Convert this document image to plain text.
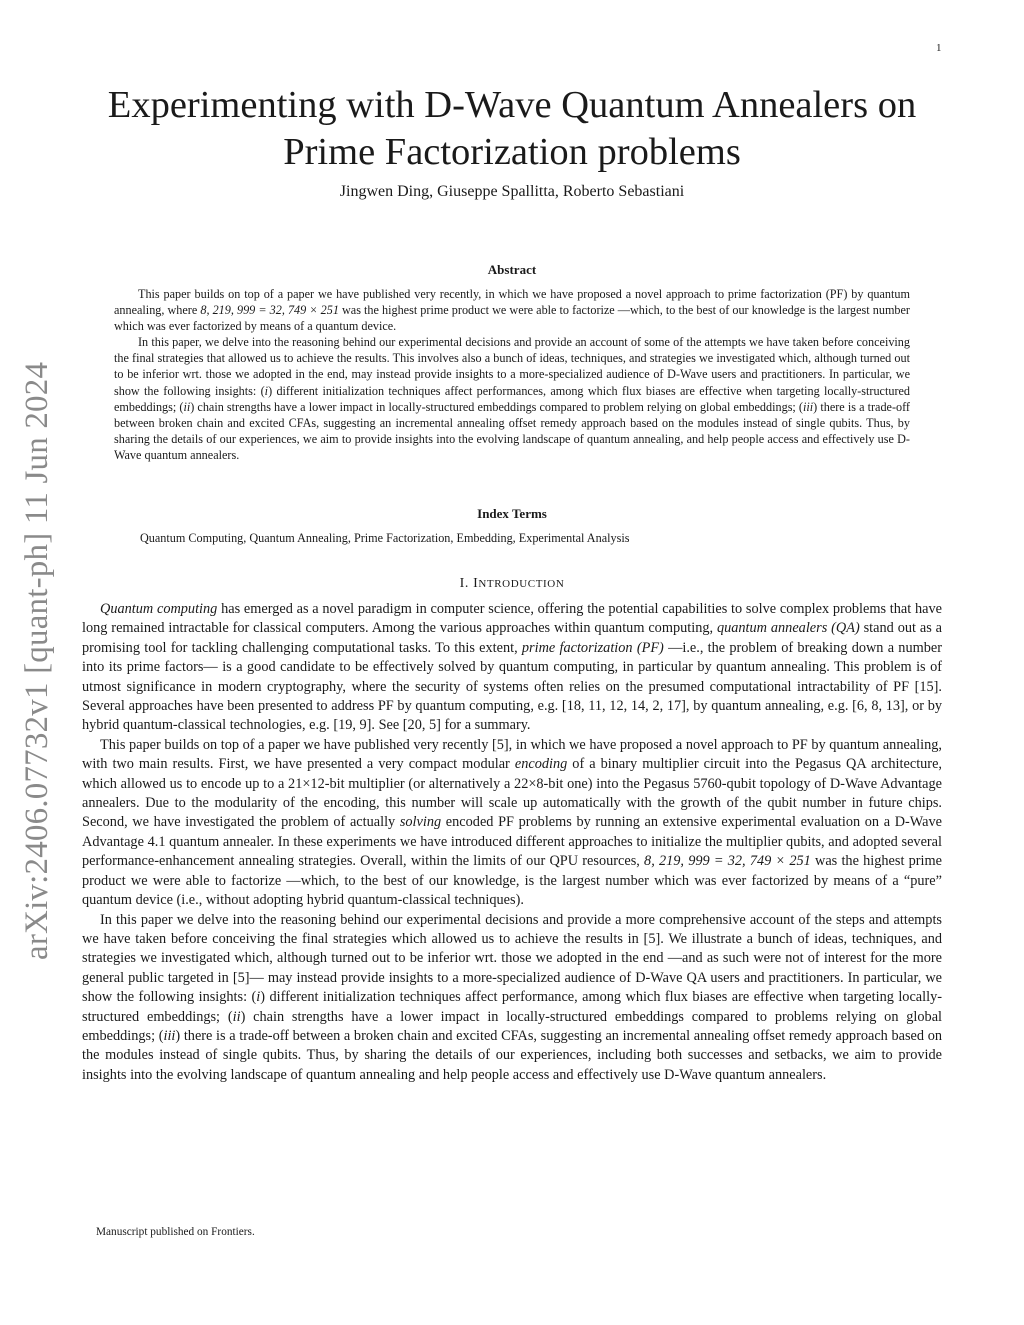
1
arXiv:2406.07732v1 [quant-ph] 11 Jun 2024
Experimenting with D-Wave Quantum Annealers on Prime Factorization problems
Jingwen Ding, Giuseppe Spallitta, Roberto Sebastiani
Abstract

This paper builds on top of a paper we have published very recently, in which we have proposed a novel approach to prime factorization (PF) by quantum annealing, where 8, 219, 999 = 32, 749 × 251 was the highest prime product we were able to factorize —which, to the best of our knowledge is the largest number which was ever factorized by means of a quantum device.

In this paper, we delve into the reasoning behind our experimental decisions and provide an account of some of the attempts we have taken before conceiving the final strategies that allowed us to achieve the results. This involves also a bunch of ideas, techniques, and strategies we investigated which, although turned out to be inferior wrt. those we adopted in the end, may instead provide insights to a more-specialized audience of D-Wave users and practitioners. In particular, we show the following insights: (i) different initialization techniques affect performances, among which flux biases are effective when targeting locally-structured embeddings; (ii) chain strengths have a lower impact in locally-structured embeddings compared to problem relying on global embeddings; (iii) there is a trade-off between broken chain and excited CFAs, suggesting an incremental annealing offset remedy approach based on the modules instead of single qubits. Thus, by sharing the details of our experiences, we aim to provide insights into the evolving landscape of quantum annealing, and help people access and effectively use D-Wave quantum annealers.

Index Terms
Quantum Computing, Quantum Annealing, Prime Factorization, Embedding, Experimental Analysis
I. INTRODUCTION

Quantum computing has emerged as a novel paradigm in computer science, offering the potential capabilities to solve complex problems that have long remained intractable for classical computers. Among the various approaches within quantum computing, quantum annealers (QA) stand out as a promising tool for tackling challenging computational tasks. To this extent, prime factorization (PF) —i.e., the problem of breaking down a number into its prime factors— is a good candidate to be effectively solved by quantum computing, in particular by quantum annealing. This problem is of utmost significance in modern cryptography, where the security of systems often relies on the presumed computational intractability of PF [15]. Several approaches have been presented to address PF by quantum computing, e.g. [18, 11, 12, 14, 2, 17], by quantum annealing, e.g. [6, 8, 13], or by hybrid quantum-classical technologies, e.g. [19, 9]. See [20, 5] for a summary.

This paper builds on top of a paper we have published very recently [5], in which we have proposed a novel approach to PF by quantum annealing, with two main results. First, we have presented a very compact modular encoding of a binary multiplier circuit into the Pegasus QA architecture, which allowed us to encode up to a 21×12-bit multiplier (or alternatively a 22×8-bit one) into the Pegasus 5760-qubit topology of D-Wave Advantage annealers. Due to the modularity of the encoding, this number will scale up automatically with the growth of the qubit number in future chips. Second, we have investigated the problem of actually solving encoded PF problems by running an extensive experimental evaluation on a D-Wave Advantage 4.1 quantum annealer. In these experiments we have introduced different approaches to initialize the multiplier qubits, and adopted several performance-enhancement annealing strategies. Overall, within the limits of our QPU resources, 8, 219, 999 = 32, 749 × 251 was the highest prime product we were able to factorize —which, to the best of our knowledge, is the largest number which was ever factorized by means of a “pure” quantum device (i.e., without adopting hybrid quantum-classical techniques).

In this paper we delve into the reasoning behind our experimental decisions and provide a more comprehensive account of the steps and attempts we have taken before conceiving the final strategies which allowed us to achieve the results in [5]. We illustrate a bunch of ideas, techniques, and strategies we investigated which, although turned out to be inferior wrt. those we adopted in the end —and as such were not of interest for the more general public targeted in [5]— may instead provide insights to a more-specialized audience of D-Wave QA users and practitioners. In particular, we show the following insights: (i) different initialization techniques affect performance, among which flux biases are effective when targeting locally-structured embeddings; (ii) chain strengths have a lower impact in locally-structured embeddings compared to problems relying on global embeddings; (iii) there is a trade-off between a broken chain and excited CFAs, suggesting an incremental annealing offset remedy approach based on the modules instead of single qubits. Thus, by sharing the details of our experiences, including both successes and setbacks, we aim to provide insights into the evolving landscape of quantum annealing and help people access and effectively use D-Wave quantum annealers.

Manuscript published on Frontiers.
